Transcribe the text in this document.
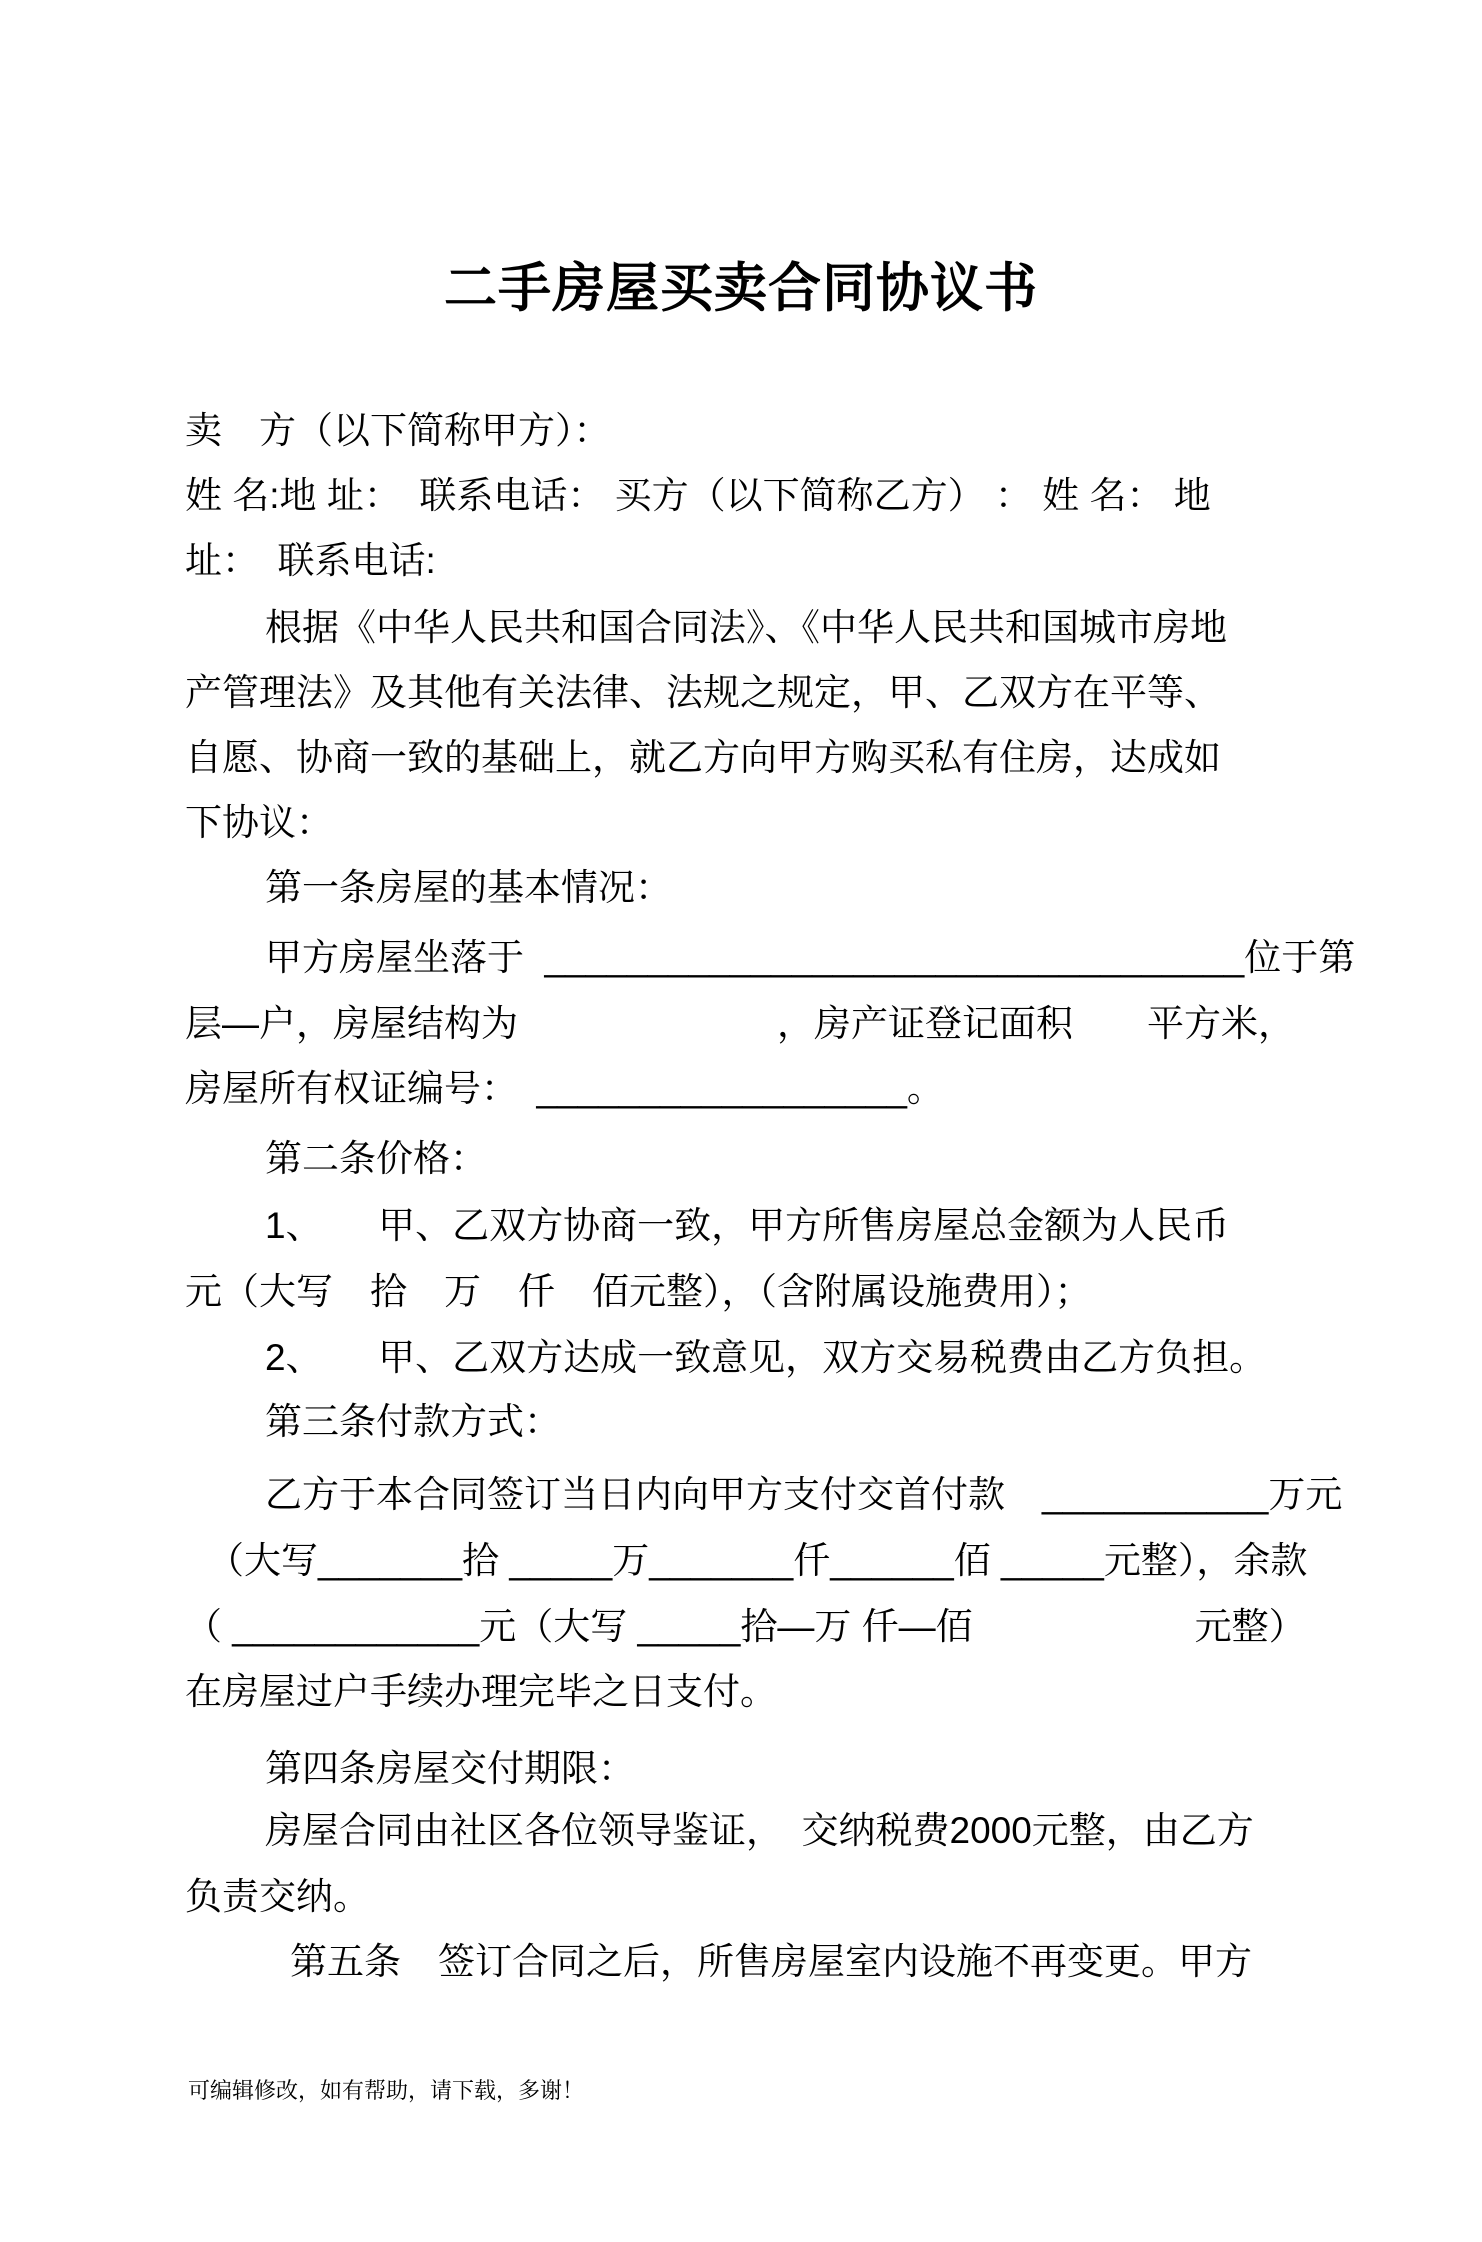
二手房屋买卖合同协议书
卖　方（以下简称甲方）：
姓 名:地 址：　联系电话： 买方（以下简称乙方） ： 姓 名： 地
址：　联系电话:
根据《中华人民共和国合同法》、《中华人民共和国城市房地
产管理法》及其他有关法律、法规之规定，甲、乙双方在平等、
自愿、协商一致的基础上，就乙方向甲方购买私有住房，达成如
下协议：
第一条房屋的基本情况：
甲方房屋坐落于  __________________________________位于第
层—户，房屋结构为　　　　　　　，房产证登记面积　　平方米，
房屋所有权证编号：　__________________。
第二条价格：
1、　　甲、乙双方协商一致，甲方所售房屋总金额为人民币
元（大写　拾　万　仟　佰元整），（含附属设施费用）；
2、　　甲、乙双方达成一致意见，双方交易税费由乙方负担。
第三条付款方式：
乙方于本合同签订当日内向甲方支付交首付款　___________万元
（大写_______拾 _____万_______仟______佰 _____元整），余款
（ ____________元（大写 _____拾—万 仟—佰　　　　　　元整）
在房屋过户手续办理完毕之日支付。
第四条房屋交付期限：
房屋合同由社区各位领导鉴证，　交纳税费2000元整，由乙方
负责交纳。
第五条　签订合同之后，所售房屋室内设施不再变更。甲方
可编辑修改，如有帮助，请下载，多谢！
